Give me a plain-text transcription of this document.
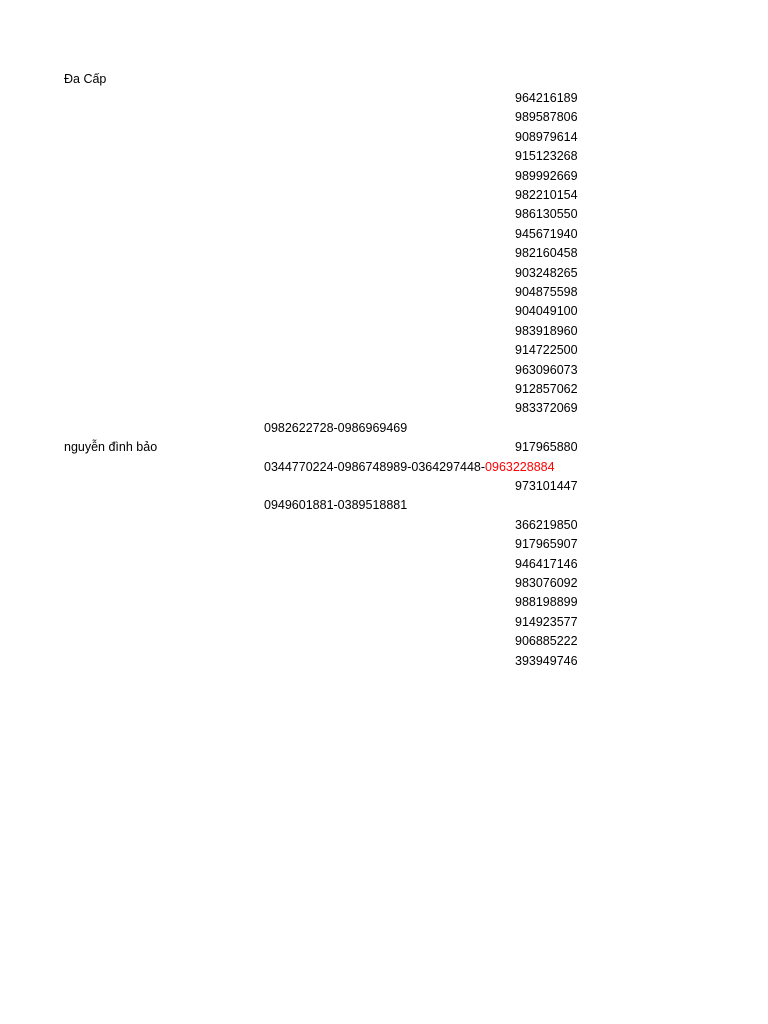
Đa Cấp
964216189
989587806
908979614
915123268
989992669
982210154
986130550
945671940
982160458
903248265
904875598
904049100
983918960
914722500
963096073
912857062
983372069
0982622728-0986969469
nguyễn đình bảo	917965880
0344770224-0986748989-0364297448-0963228884
973101447
0949601881-0389518881
366219850
917965907
946417146
983076092
988198899
914923577
906885222
393949746
